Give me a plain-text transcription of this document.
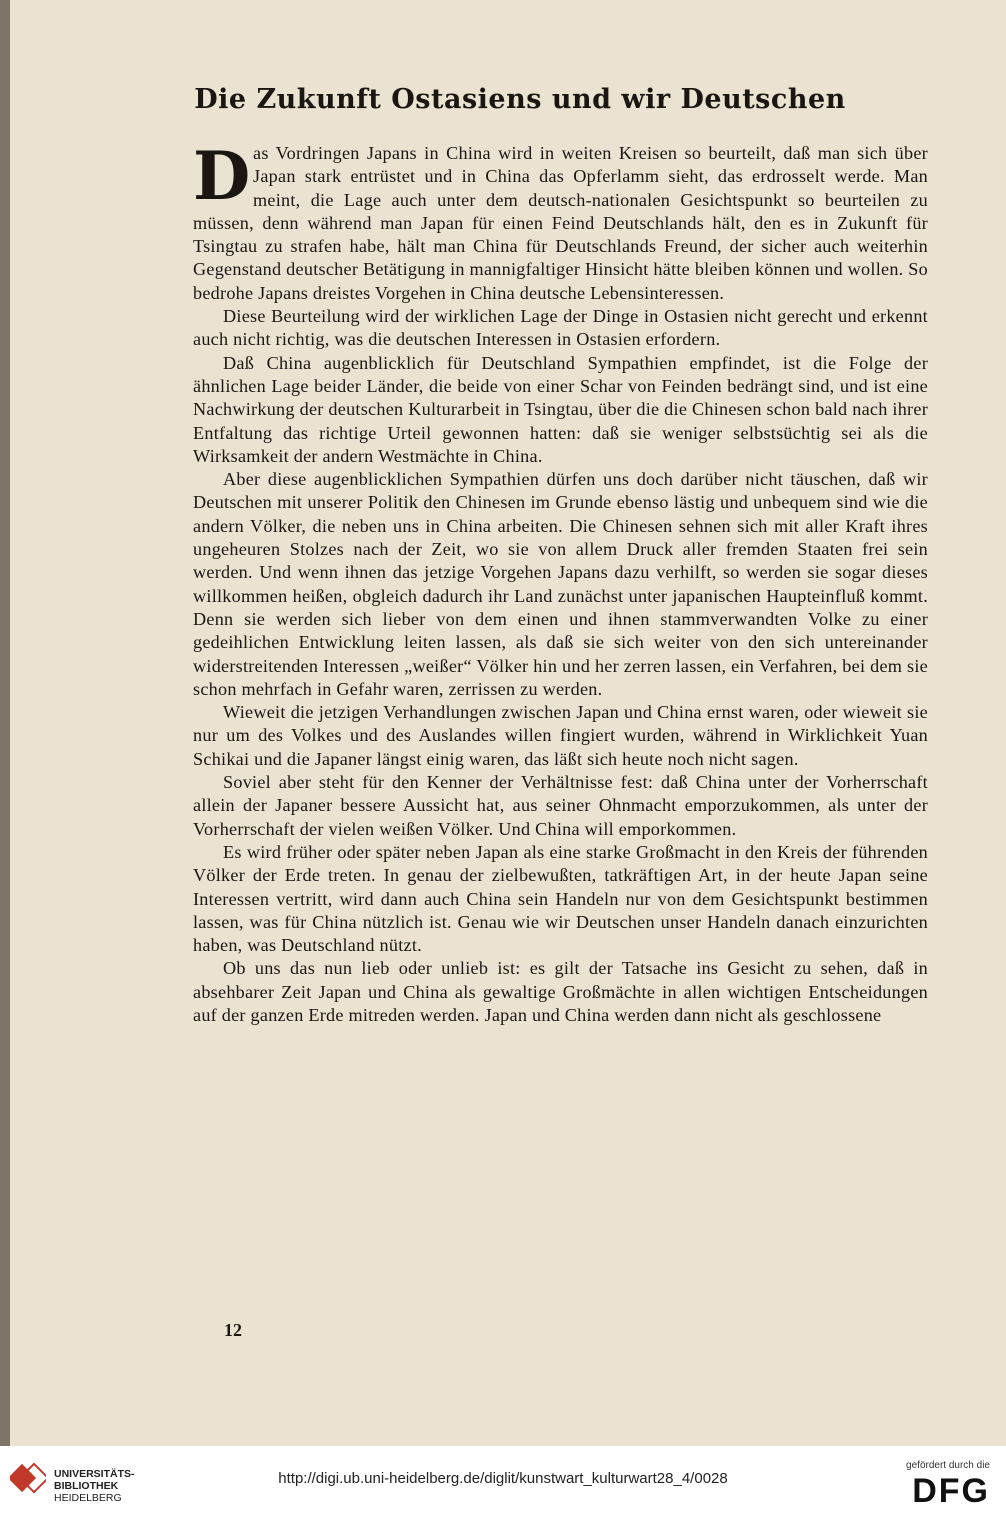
Die Zukunft Ostasiens und wir Deutschen

Das Vordringen Japans in China wird in weiten Kreisen so beurteilt, daß man sich über Japan stark entrüstet und in China das Opferlamm sieht, das erdrosselt werde. Man meint, die Lage auch unter dem deutsch-nationalen Gesichtspunkt so beurteilen zu müssen, denn während man Japan für einen Feind Deutschlands hält, den es in Zukunft für Tsingtau zu strafen habe, hält man China für Deutschlands Freund, der sicher auch weiterhin Gegenstand deutscher Betätigung in mannigfaltiger Hinsicht hätte bleiben können und wollen. So bedrohe Japans dreistes Vorgehen in China deutsche Lebensinteressen.

Diese Beurteilung wird der wirklichen Lage der Dinge in Ostasien nicht gerecht und erkennt auch nicht richtig, was die deutschen Interessen in Ostasien erfordern.

Daß China augenblicklich für Deutschland Sympathien empfindet, ist die Folge der ähnlichen Lage beider Länder, die beide von einer Schar von Feinden bedrängt sind, und ist eine Nachwirkung der deutschen Kulturarbeit in Tsingtau, über die die Chinesen schon bald nach ihrer Entfaltung das richtige Urteil gewonnen hatten: daß sie weniger selbstsüchtig sei als die Wirksamkeit der andern Westmächte in China.

Aber diese augenblicklichen Sympathien dürfen uns doch darüber nicht täuschen, daß wir Deutschen mit unserer Politik den Chinesen im Grunde ebenso lästig und unbequem sind wie die andern Völker, die neben uns in China arbeiten. Die Chinesen sehnen sich mit aller Kraft ihres ungeheuren Stolzes nach der Zeit, wo sie von allem Druck aller fremden Staaten frei sein werden. Und wenn ihnen das jetzige Vorgehen Japans dazu verhilft, so werden sie sogar dieses willkommen heißen, obgleich dadurch ihr Land zunächst unter japanischen Haupteinfluß kommt. Denn sie werden sich lieber von dem einen und ihnen stammverwandten Volke zu einer gedeihlichen Entwicklung leiten lassen, als daß sie sich weiter von den sich untereinander widerstreitenden Interessen „weißer“ Völker hin und her zerren lassen, ein Verfahren, bei dem sie schon mehrfach in Gefahr waren, zerrissen zu werden.

Wieweit die jetzigen Verhandlungen zwischen Japan und China ernst waren, oder wieweit sie nur um des Volkes und des Auslandes willen fingiert wurden, während in Wirklichkeit Yuan Schikai und die Japaner längst einig waren, das läßt sich heute noch nicht sagen.

Soviel aber steht für den Kenner der Verhältnisse fest: daß China unter der Vorherrschaft allein der Japaner bessere Aussicht hat, aus seiner Ohnmacht emporzukommen, als unter der Vorherrschaft der vielen weißen Völker. Und China will emporkommen.

Es wird früher oder später neben Japan als eine starke Großmacht in den Kreis der führenden Völker der Erde treten. In genau der zielbewußten, tatkräftigen Art, in der heute Japan seine Interessen vertritt, wird dann auch China sein Handeln nur von dem Gesichtspunkt bestimmen lassen, was für China nützlich ist. Genau wie wir Deutschen unser Handeln danach einzurichten haben, was Deutschland nützt.

Ob uns das nun lieb oder unlieb ist: es gilt der Tatsache ins Gesicht zu sehen, daß in absehbarer Zeit Japan und China als gewaltige Großmächte in allen wichtigen Entscheidungen auf der ganzen Erde mitreden werden. Japan und China werden dann nicht als geschlossene

12
UNIVERSITÄTS-
BIBLIOTHEK
HEIDELBERG
http://digi.ub.uni-heidelberg.de/diglit/kunstwart_kulturwart28_4/0028
gefördert durch die
DFG
